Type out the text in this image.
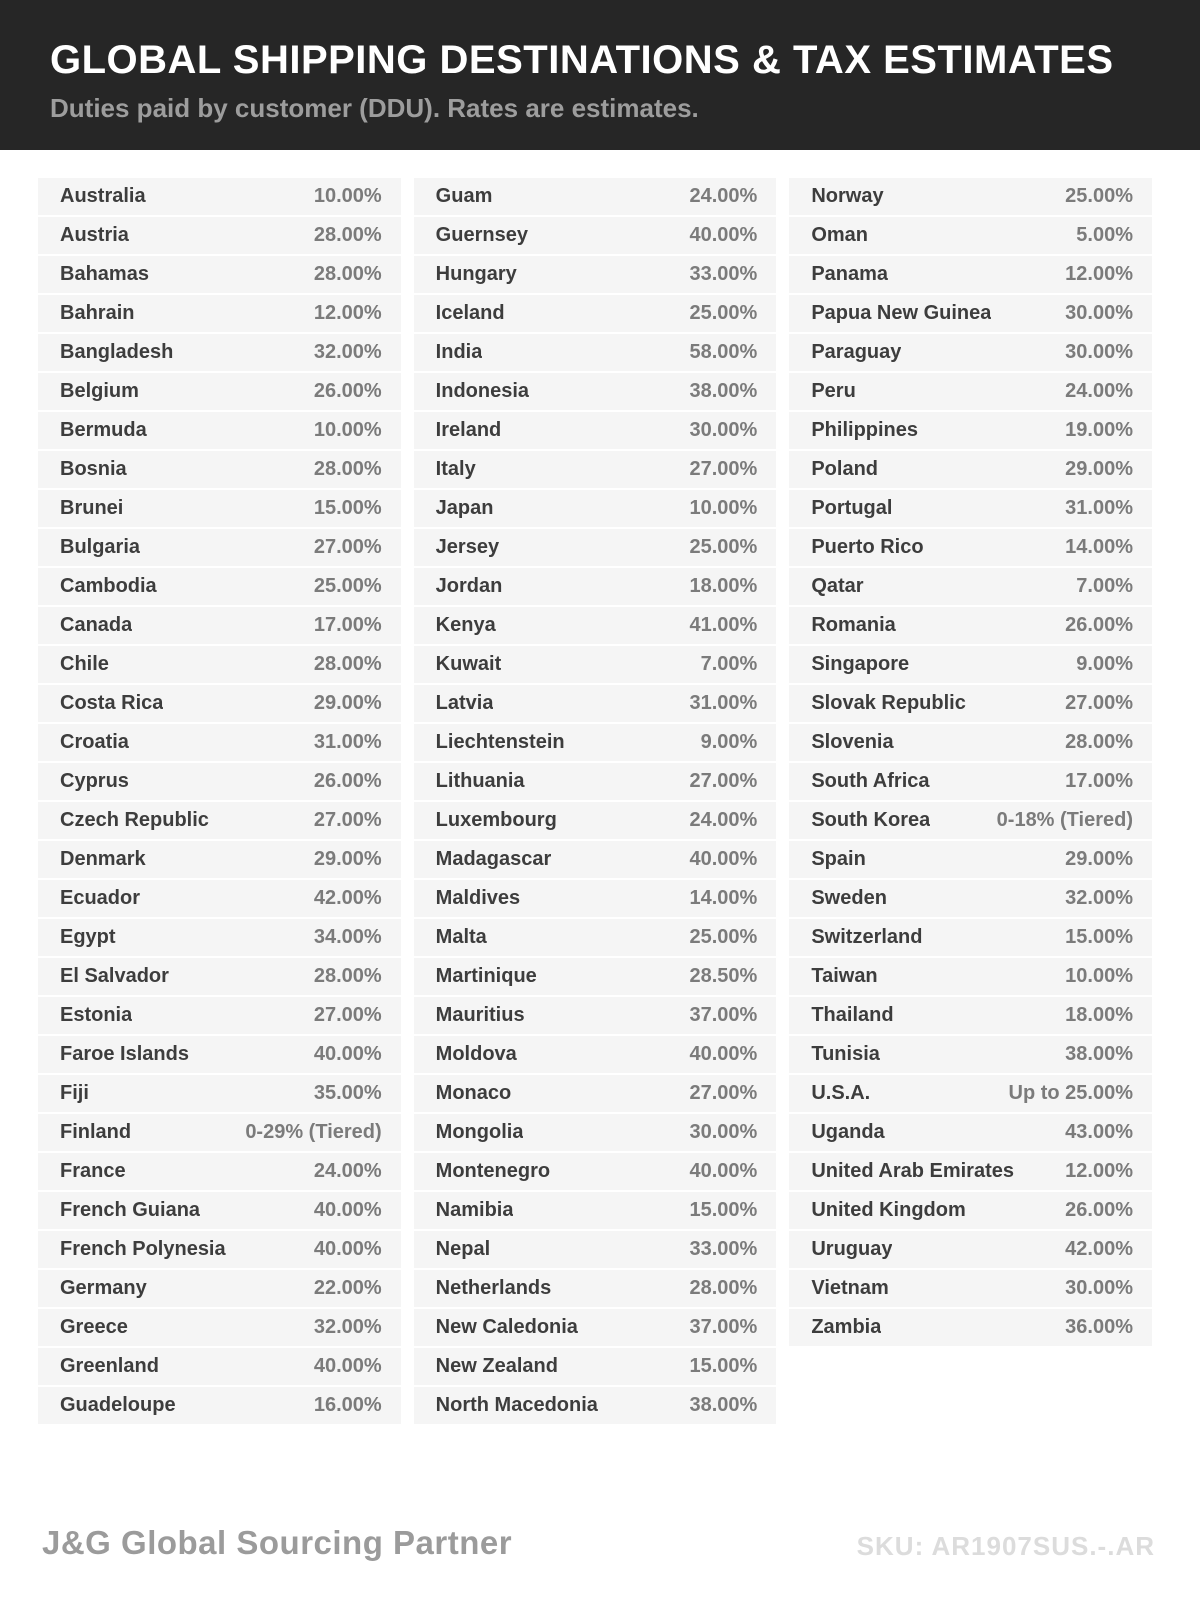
GLOBAL SHIPPING DESTINATIONS & TAX ESTIMATES
Duties paid by customer (DDU). Rates are estimates.
Australia	10.00%
Austria	28.00%
Bahamas	28.00%
Bahrain	12.00%
Bangladesh	32.00%
Belgium	26.00%
Bermuda	10.00%
Bosnia	28.00%
Brunei	15.00%
Bulgaria	27.00%
Cambodia	25.00%
Canada	17.00%
Chile	28.00%
Costa Rica	29.00%
Croatia	31.00%
Cyprus	26.00%
Czech Republic	27.00%
Denmark	29.00%
Ecuador	42.00%
Egypt	34.00%
El Salvador	28.00%
Estonia	27.00%
Faroe Islands	40.00%
Fiji	35.00%
Finland	0-29% (Tiered)
France	24.00%
French Guiana	40.00%
French Polynesia	40.00%
Germany	22.00%
Greece	32.00%
Greenland	40.00%
Guadeloupe	16.00%
Guam	24.00%
Guernsey	40.00%
Hungary	33.00%
Iceland	25.00%
India	58.00%
Indonesia	38.00%
Ireland	30.00%
Italy	27.00%
Japan	10.00%
Jersey	25.00%
Jordan	18.00%
Kenya	41.00%
Kuwait	7.00%
Latvia	31.00%
Liechtenstein	9.00%
Lithuania	27.00%
Luxembourg	24.00%
Madagascar	40.00%
Maldives	14.00%
Malta	25.00%
Martinique	28.50%
Mauritius	37.00%
Moldova	40.00%
Monaco	27.00%
Mongolia	30.00%
Montenegro	40.00%
Namibia	15.00%
Nepal	33.00%
Netherlands	28.00%
New Caledonia	37.00%
New Zealand	15.00%
North Macedonia	38.00%
Norway	25.00%
Oman	5.00%
Panama	12.00%
Papua New Guinea	30.00%
Paraguay	30.00%
Peru	24.00%
Philippines	19.00%
Poland	29.00%
Portugal	31.00%
Puerto Rico	14.00%
Qatar	7.00%
Romania	26.00%
Singapore	9.00%
Slovak Republic	27.00%
Slovenia	28.00%
South Africa	17.00%
South Korea	0-18% (Tiered)
Spain	29.00%
Sweden	32.00%
Switzerland	15.00%
Taiwan	10.00%
Thailand	18.00%
Tunisia	38.00%
U.S.A.	Up to 25.00%
Uganda	43.00%
United Arab Emirates	12.00%
United Kingdom	26.00%
Uruguay	42.00%
Vietnam	30.00%
Zambia	36.00%
J&G Global Sourcing Partner	SKU: AR1907SUS.-.AR
